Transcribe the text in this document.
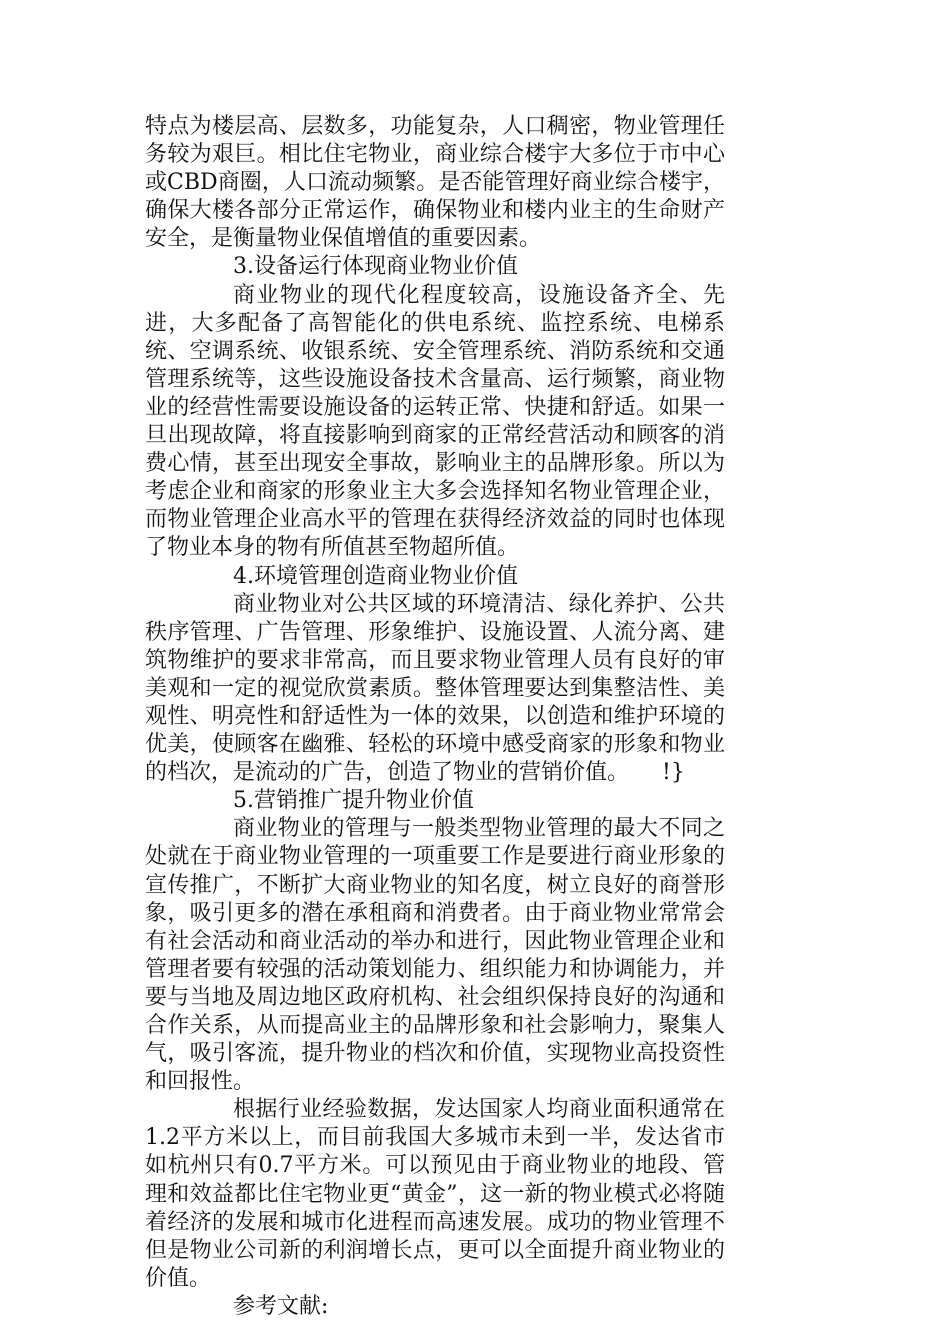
特点为楼层高、层数多，功能复杂，人口稠密，物业管理任务较为艰巨。相比住宅物业，商业综合楼宇大多位于市中心或CBD商圈，人口流动频繁。是否能管理好商业综合楼宇，确保大楼各部分正常运作，确保物业和楼内业主的生命财产安全，是衡量物业保值增值的重要因素。

3.设备运行体现商业物业价值

商业物业的现代化程度较高，设施设备齐全、先进，大多配备了高智能化的供电系统、监控系统、电梯系统、空调系统、收银系统、安全管理系统、消防系统和交通管理系统等，这些设施设备技术含量高、运行频繁，商业物业的经营性需要设施设备的运转正常、快捷和舒适。如果一旦出现故障，将直接影响到商家的正常经营活动和顾客的消费心情，甚至出现安全事故，影响业主的品牌形象。所以为考虑企业和商家的形象业主大多会选择知名物业管理企业，而物业管理企业高水平的管理在获得经济效益的同时也体现了物业本身的物有所值甚至物超所值。

4.环境管理创造商业物业价值

商业物业对公共区域的环境清洁、绿化养护、公共秩序管理、广告管理、形象维护、设施设置、人流分离、建筑物维护的要求非常高，而且要求物业管理人员有良好的审美观和一定的视觉欣赏素质。整体管理要达到集整洁性、美观性、明亮性和舒适性为一体的效果，以创造和维护环境的优美，使顾客在幽雅、轻松的环境中感受商家的形象和物业的档次，是流动的广告，创造了物业的营销价值。　　!}

5.营销推广提升物业价值

商业物业的管理与一般类型物业管理的最大不同之处就在于商业物业管理的一项重要工作是要进行商业形象的宣传推广，不断扩大商业物业的知名度，树立良好的商誉形象，吸引更多的潜在承租商和消费者。由于商业物业常常会有社会活动和商业活动的举办和进行，因此物业管理企业和管理者要有较强的活动策划能力、组织能力和协调能力，并要与当地及周边地区政府机构、社会组织保持良好的沟通和合作关系，从而提高业主的品牌形象和社会影响力，聚集人气，吸引客流，提升物业的档次和价值，实现物业高投资性和回报性。

根据行业经验数据，发达国家人均商业面积通常在1.2平方米以上，而目前我国大多城市未到一半，发达省市如杭州只有0.7平方米。可以预见由于商业物业的地段、管理和效益都比住宅物业更“黄金”，这一新的物业模式必将随着经济的发展和城市化进程而高速发展。成功的物业管理不但是物业公司新的利润增长点，更可以全面提升商业物业的价值。

参考文献:
